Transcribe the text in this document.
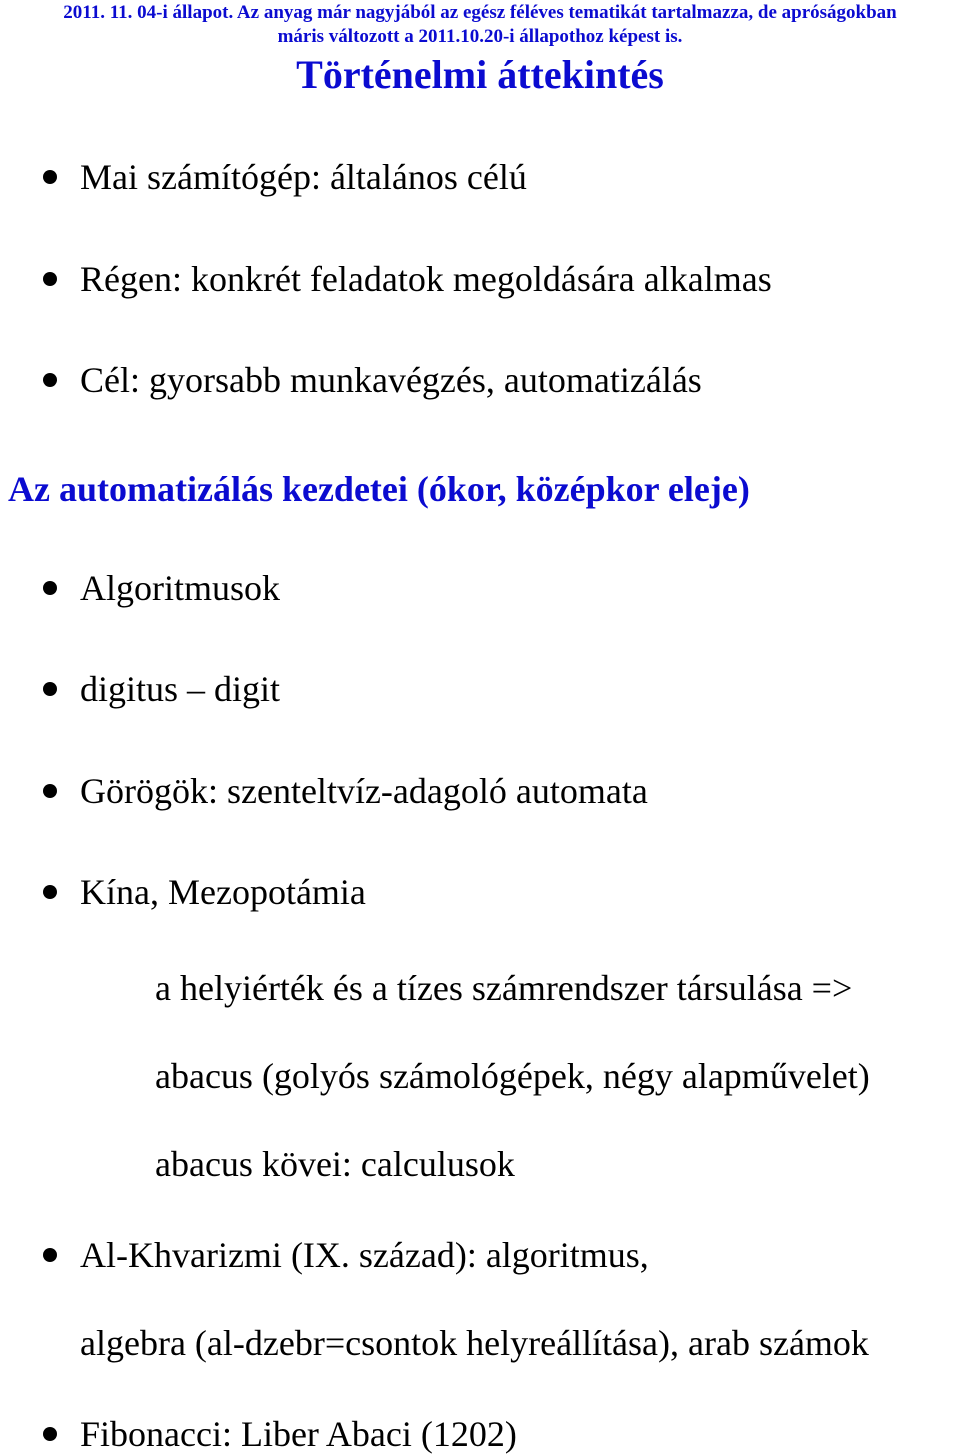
2011. 11. 04-i állapot. Az anyag már nagyjából az egész féléves tematikát tartalmazza, de apróságokban
máris változott a 2011.10.20-i állapothoz képest is.
Történelmi áttekintés
Mai számítógép: általános célú
Régen: konkrét feladatok megoldására alkalmas
Cél: gyorsabb munkavégzés, automatizálás
Az automatizálás kezdetei (ókor, középkor eleje)
Algoritmusok
digitus – digit
Görögök: szenteltvíz-adagoló automata
Kína, Mezopotámia
a helyiérték és a tízes számrendszer társulása =>
abacus (golyós számológépek, négy alapművelet)
abacus kövei: calculusok
Al-Khvarizmi (IX. század): algoritmus,
algebra (al-dzebr=csontok helyreállítása), arab számok
Fibonacci: Liber Abaci (1202)
